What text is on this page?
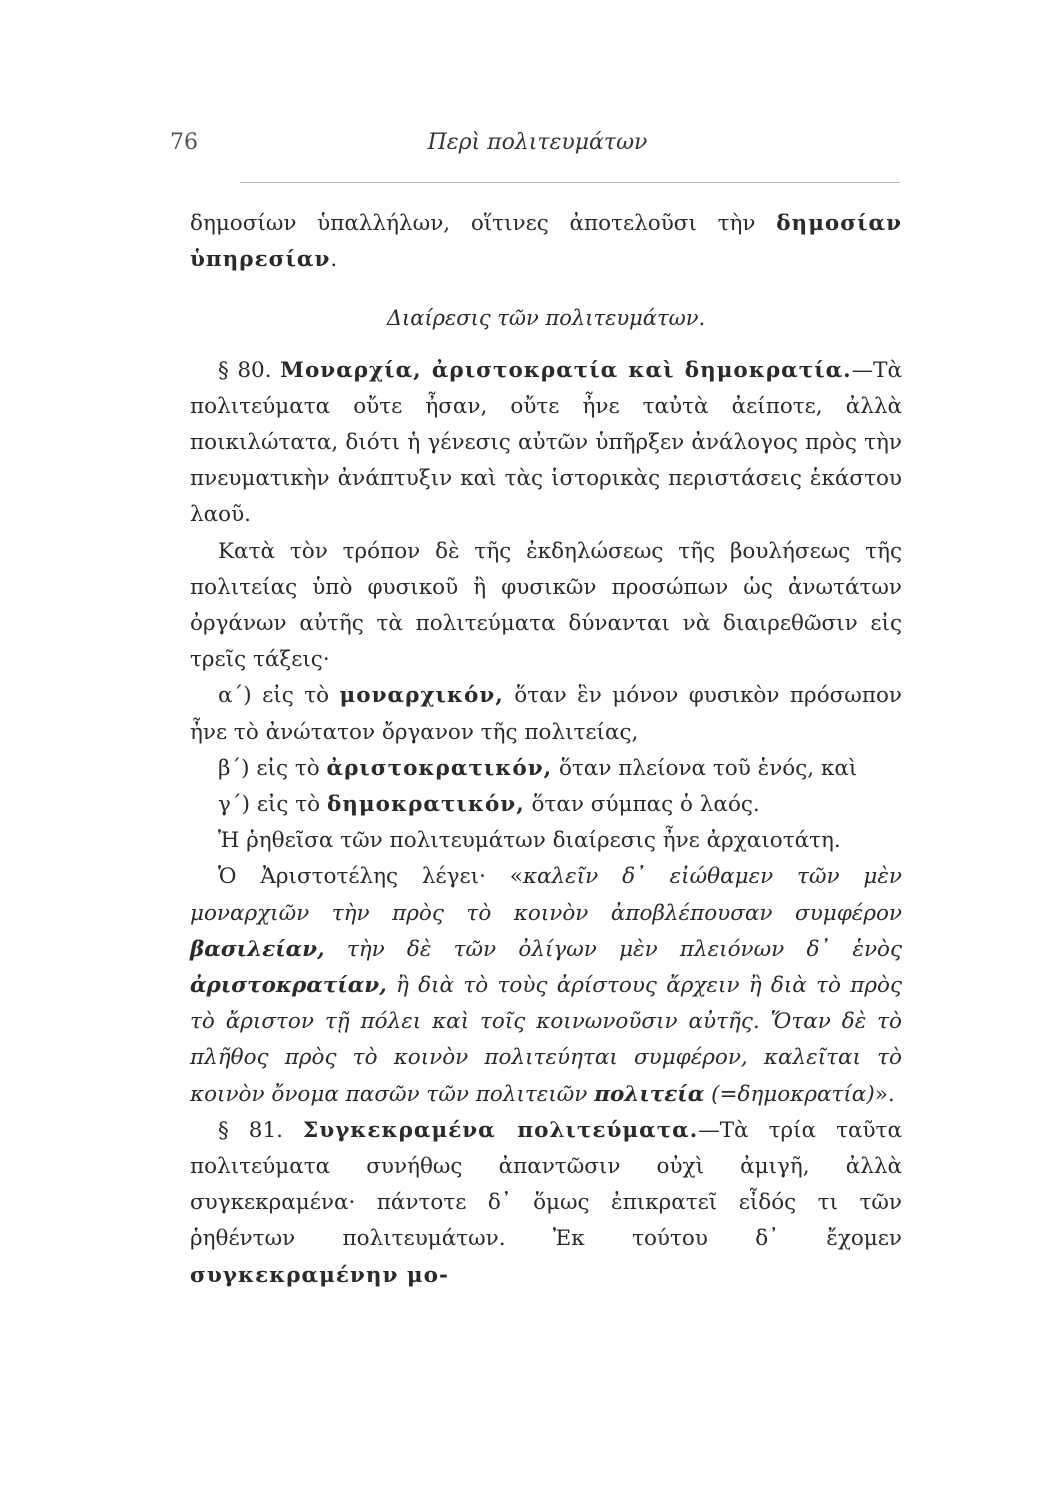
76	Περὶ πολιτευμάτων

δημοσίων ὑπαλλήλων, οἵτινες ἀποτελοῦσι τὴν δημοσίαν ὑπηρεσίαν.

Διαίρεσις τῶν πολιτευμάτων.

§ 80. Μοναρχία, ἀριστοκρατία καὶ δημοκρατία.—Τὰ πολιτεύματα οὔτε ἦσαν, οὔτε ἦνε ταὐτὰ ἀείποτε, ἀλλὰ ποικιλώτατα, διότι ἡ γένεσις αὐτῶν ὑπῆρξεν ἀνάλογος πρὸς τὴν πνευματικὴν ἀνάπτυξιν καὶ τὰς ἱστορικὰς περιστάσεις ἑκάστου λαοῦ.

Κατὰ τὸν τρόπον δὲ τῆς ἐκδηλώσεως τῆς βουλήσεως τῆς πολιτείας ὑπὸ φυσικοῦ ἢ φυσικῶν προσώπων ὡς ἀνωτάτων ὀργάνων αὐτῆς τὰ πολιτεύματα δύνανται νὰ διαιρεθῶσιν εἰς τρεῖς τάξεις·

α΄) εἰς τὸ μοναρχικόν, ὅταν ἓν μόνον φυσικὸν πρόσωπον ἦνε τὸ ἀνώτατον ὄργανον τῆς πολιτείας,

β΄) εἰς τὸ ἀριστοκρατικόν, ὅταν πλείονα τοῦ ἑνός, καὶ

γ΄) εἰς τὸ δημοκρατικόν, ὅταν σύμπας ὁ λαός.

Ἡ ῥηθεῖσα τῶν πολιτευμάτων διαίρεσις ἦνε ἀρχαιοτάτη.

Ὁ Ἀριστοτέλης λέγει· «καλεῖν δ᾽ εἰώθαμεν τῶν μὲν μοναρχιῶν τὴν πρὸς τὸ κοινὸν ἀποβλέπουσαν συμφέρον βασιλείαν, τὴν δὲ τῶν ὀλίγων μὲν πλειόνων δ᾽ ἑνὸς ἀριστοκρατίαν, ἢ διὰ τὸ τοὺς ἀρίστους ἄρχειν ἢ διὰ τὸ πρὸς τὸ ἄριστον τῇ πόλει καὶ τοῖς κοινωνοῦσιν αὐτῆς. Ὅταν δὲ τὸ πλῆθος πρὸς τὸ κοινὸν πολιτεύηται συμφέρον, καλεῖται τὸ κοινὸν ὄνομα πασῶν τῶν πολιτειῶν πολιτεία (=δημοκρατία)».

§ 81. Συγκεκραμένα πολιτεύματα.—Τὰ τρία ταῦτα πολιτεύματα συνήθως ἀπαντῶσιν οὐχὶ ἀμιγῆ, ἀλλὰ συγκεκραμένα· πάντοτε δ᾽ ὅμως ἐπικρατεῖ εἶδός τι τῶν ῥηθέντων πολιτευμάτων. Ἐκ τούτου δ᾽ ἔχομεν συγκεκραμένην μο-
